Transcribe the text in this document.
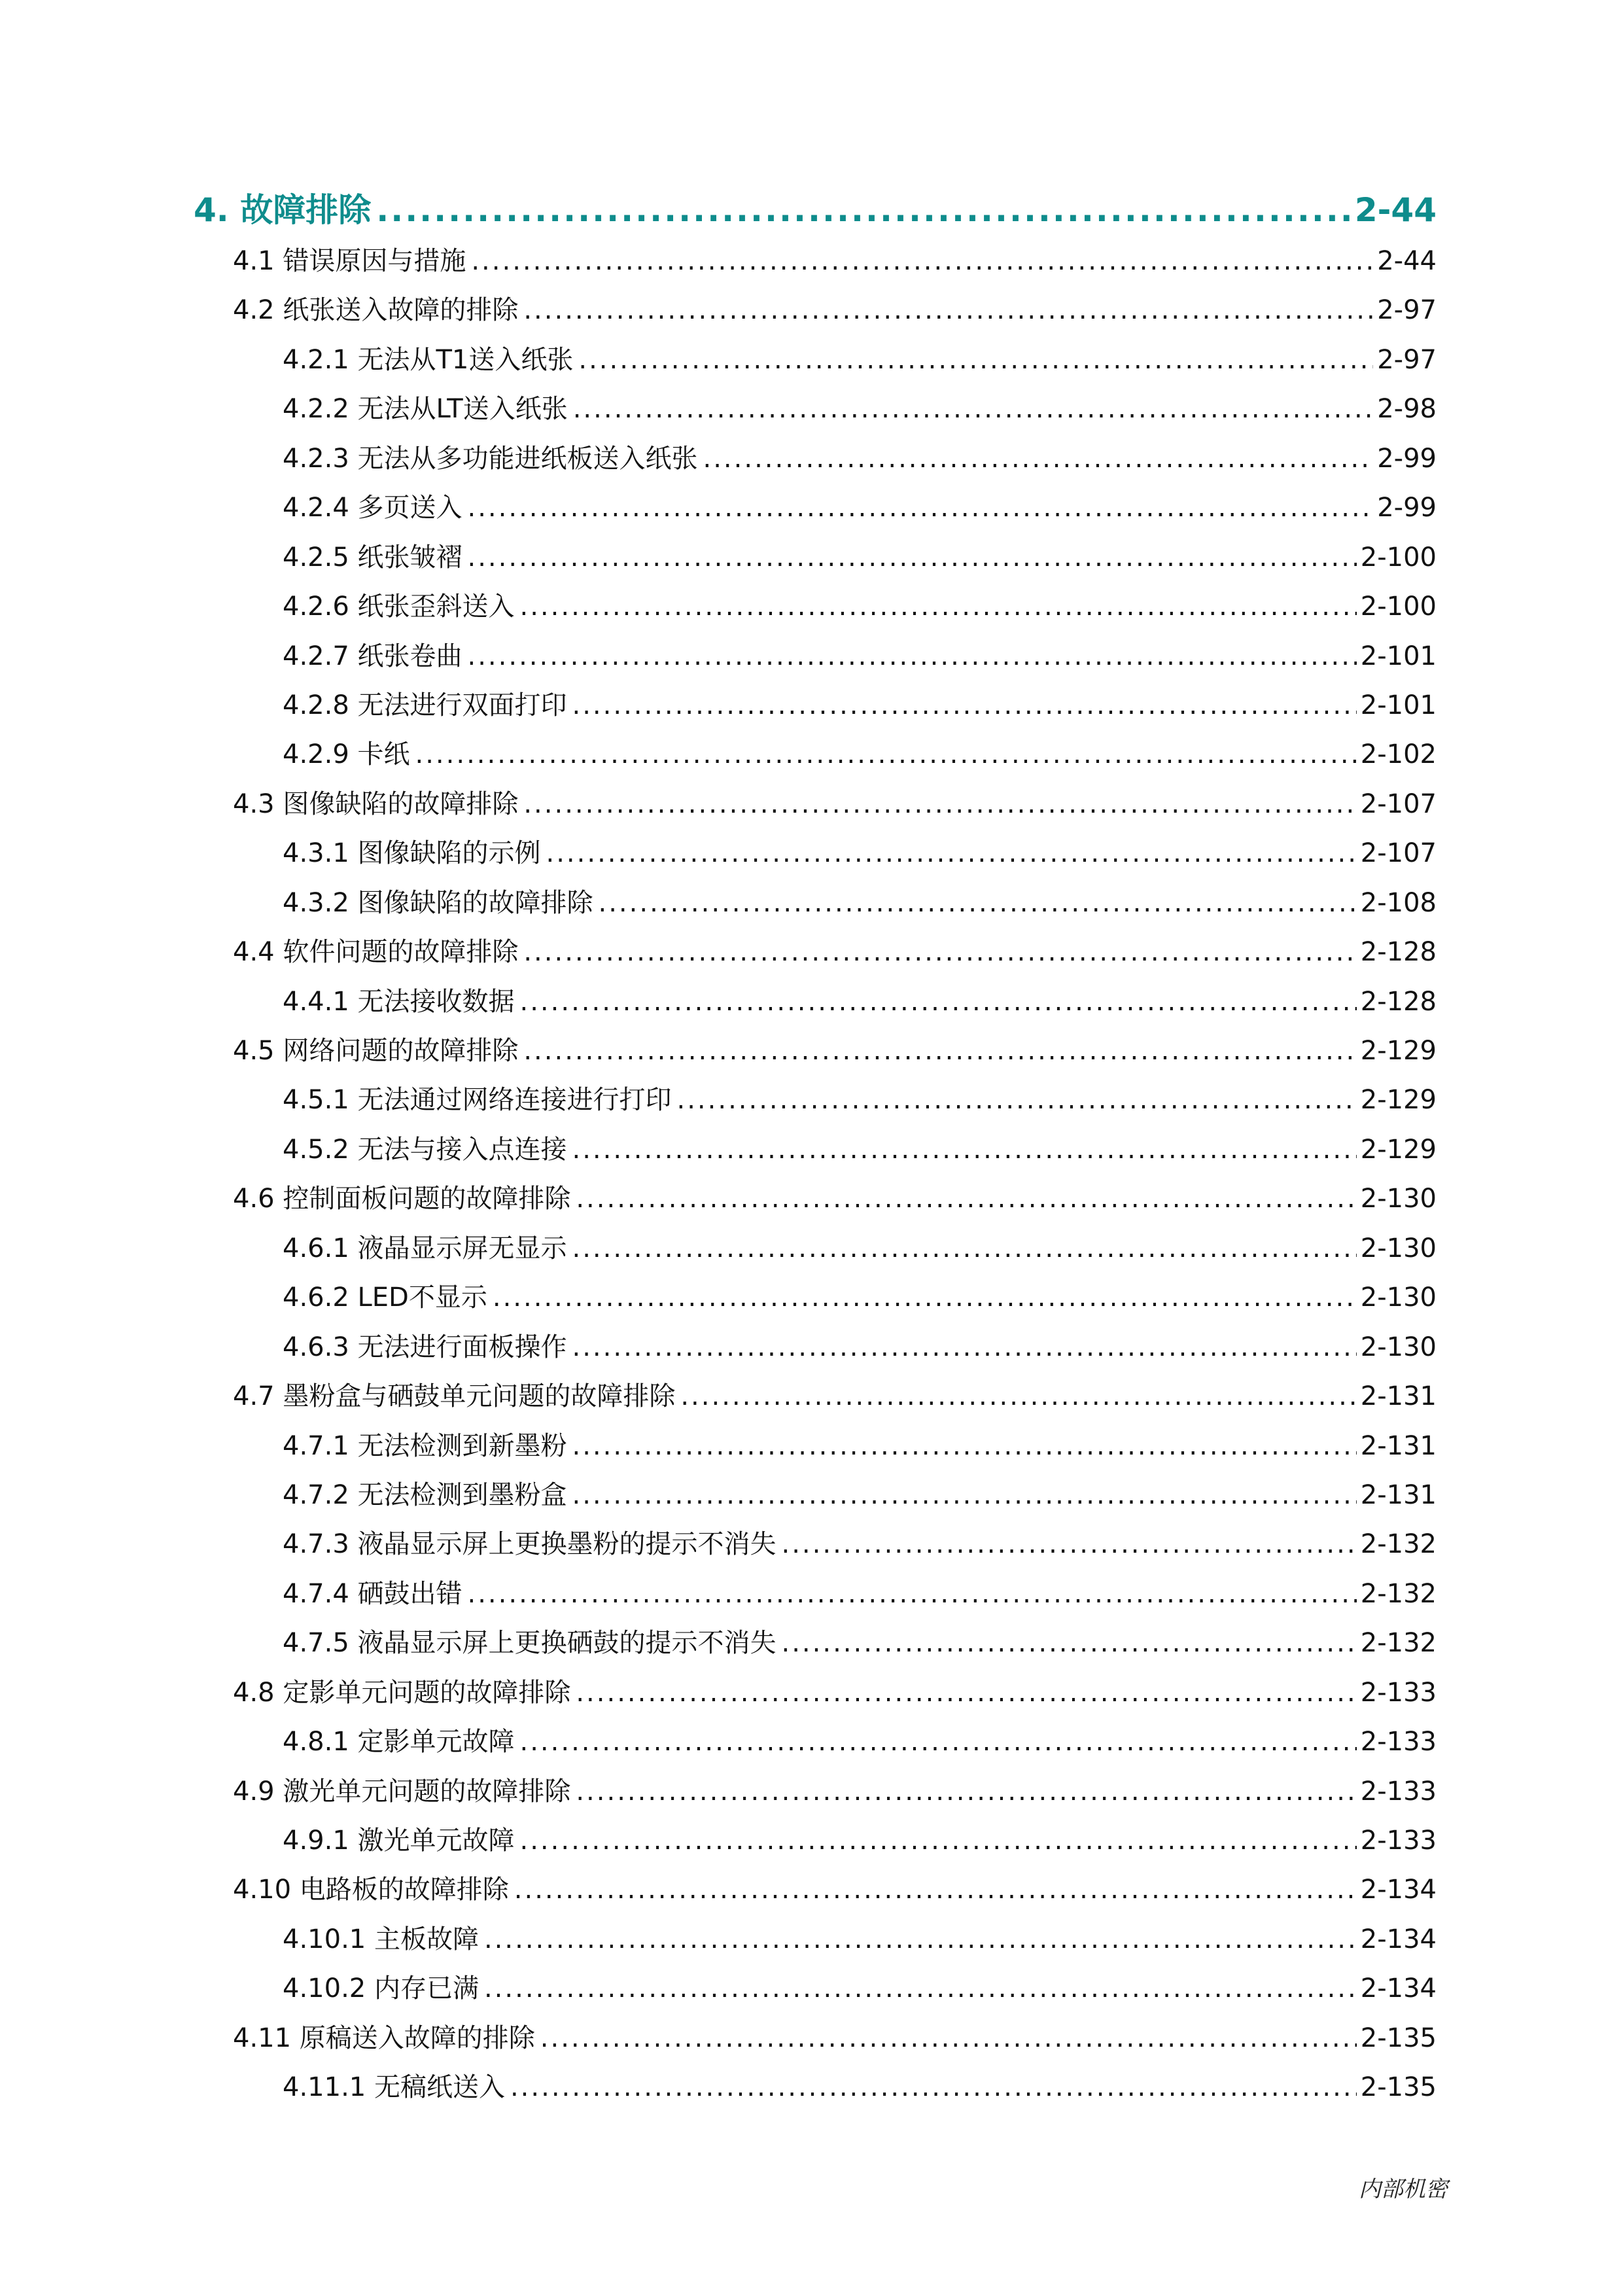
4. 故障排除 .....	2-44
4.1 错误原因与措施 .....	2-44
4.2 纸张送入故障的排除 .....	2-97
4.2.1 无法从T1送入纸张 .....	2-97
4.2.2 无法从LT送入纸张 .....	2-98
4.2.3 无法从多功能进纸板送入纸张 .....	2-99
4.2.4 多页送入 .....	2-99
4.2.5 纸张皱褶 .....	2-100
4.2.6 纸张歪斜送入 .....	2-100
4.2.7 纸张卷曲 .....	2-101
4.2.8 无法进行双面打印 .....	2-101
4.2.9 卡纸 .....	2-102
4.3 图像缺陷的故障排除 .....	2-107
4.3.1 图像缺陷的示例 .....	2-107
4.3.2 图像缺陷的故障排除 .....	2-108
4.4 软件问题的故障排除 .....	2-128
4.4.1 无法接收数据 .....	2-128
4.5 网络问题的故障排除 .....	2-129
4.5.1 无法通过网络连接进行打印 .....	2-129
4.5.2 无法与接入点连接 .....	2-129
4.6 控制面板问题的故障排除 .....	2-130
4.6.1 液晶显示屏无显示 .....	2-130
4.6.2 LED不显示 .....	2-130
4.6.3 无法进行面板操作 .....	2-130
4.7 墨粉盒与硒鼓单元问题的故障排除 .....	2-131
4.7.1 无法检测到新墨粉 .....	2-131
4.7.2 无法检测到墨粉盒 .....	2-131
4.7.3 液晶显示屏上更换墨粉的提示不消失 .....	2-132
4.7.4 硒鼓出错 .....	2-132
4.7.5 液晶显示屏上更换硒鼓的提示不消失 .....	2-132
4.8 定影单元问题的故障排除 .....	2-133
4.8.1 定影单元故障 .....	2-133
4.9 激光单元问题的故障排除 .....	2-133
4.9.1 激光单元故障 .....	2-133
4.10 电路板的故障排除 .....	2-134
4.10.1 主板故障 .....	2-134
4.10.2 内存已满 .....	2-134
4.11 原稿送入故障的排除 .....	2-135
4.11.1 无稿纸送入 .....	2-135
内部机密
